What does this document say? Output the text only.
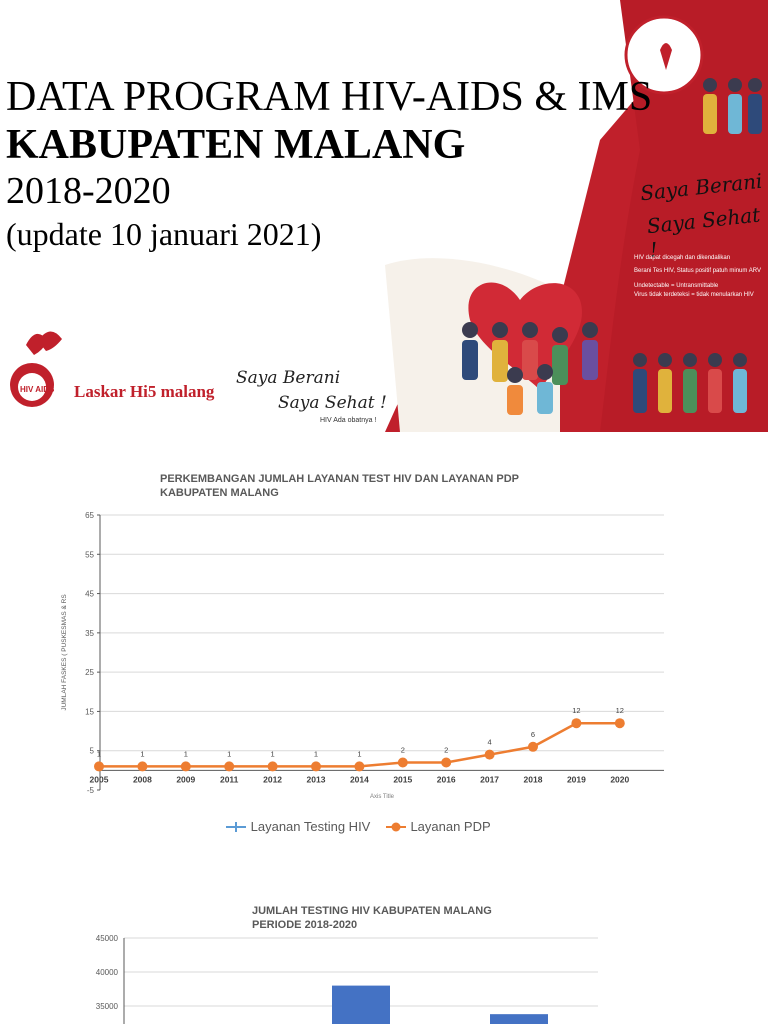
HIV AIDS
DATA PROGRAM HIV-AIDS & IMS
KABUPATEN MALANG
2018-2020
(update 10 januari 2021)
Laskar Hi5 malang
Saya Berani
Saya Sehat !
HIV Ada obatnya !
Saya Berani
Saya Sehat !
HIV dapat dicegah dan dikendalikan
Berani Tes HIV, Status positif patuh minum ARV
Undetectable = Untransmittable
Virus tidak terdeteksi = tidak menularkan HIV
PERKEMBANGAN JUMLAH LAYANAN TEST HIV DAN LAYANAN PDP
KABUPATEN MALANG
-5
5
15
25
35
45
55
65
2005	2008	2009	2011	2012	2013	2014	2015	2016	2017	2018	2019	2020
Axis Title
JUMLAH FASKES ( PUSKESMAS & RS
1	1	1	1	1	1	1	2	2
4
6
12	12
Layanan Testing HIV	Layanan PDP
JUMLAH TESTING HIV KABUPATEN MALANG
PERIODE 2018-2020
35000
40000
45000
